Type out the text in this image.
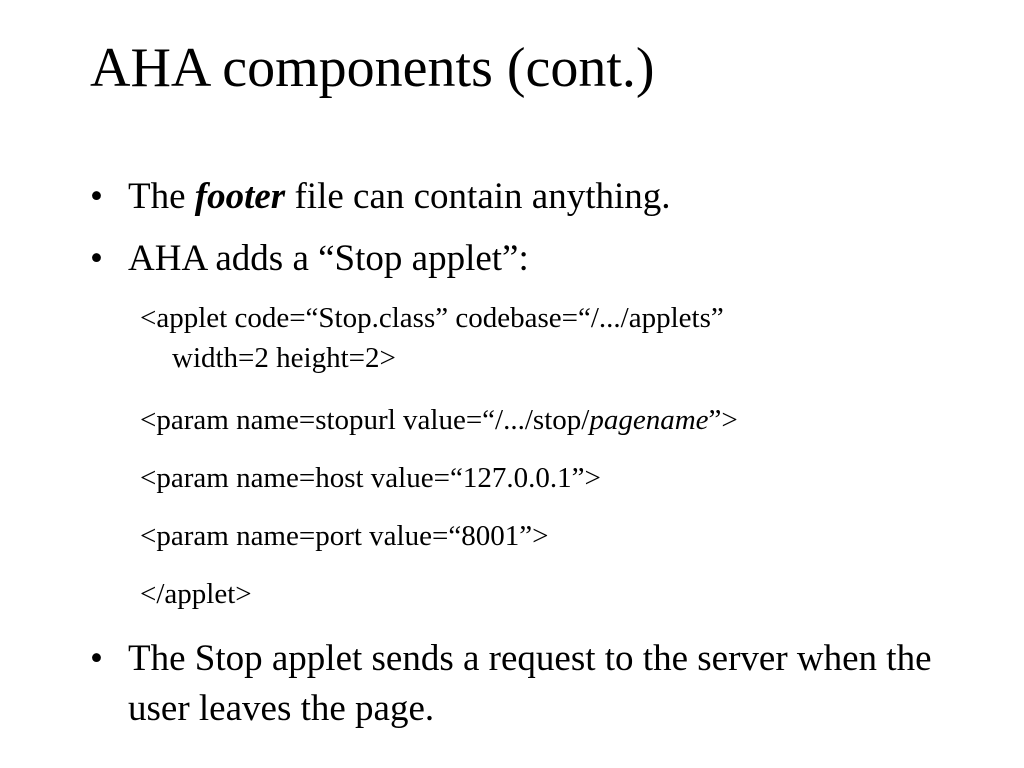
AHA components (cont.)
• The footer file can contain anything.
• AHA adds a “Stop applet”:
<applet code=“Stop.class” codebase=“/.../applets”
width=2 height=2>
<param name=stopurl value=“/.../stop/pagename”>
<param name=host value=“127.0.0.1”>
<param name=port value=“8001”>
</applet>
• The Stop applet sends a request to the server when the user leaves the page.
